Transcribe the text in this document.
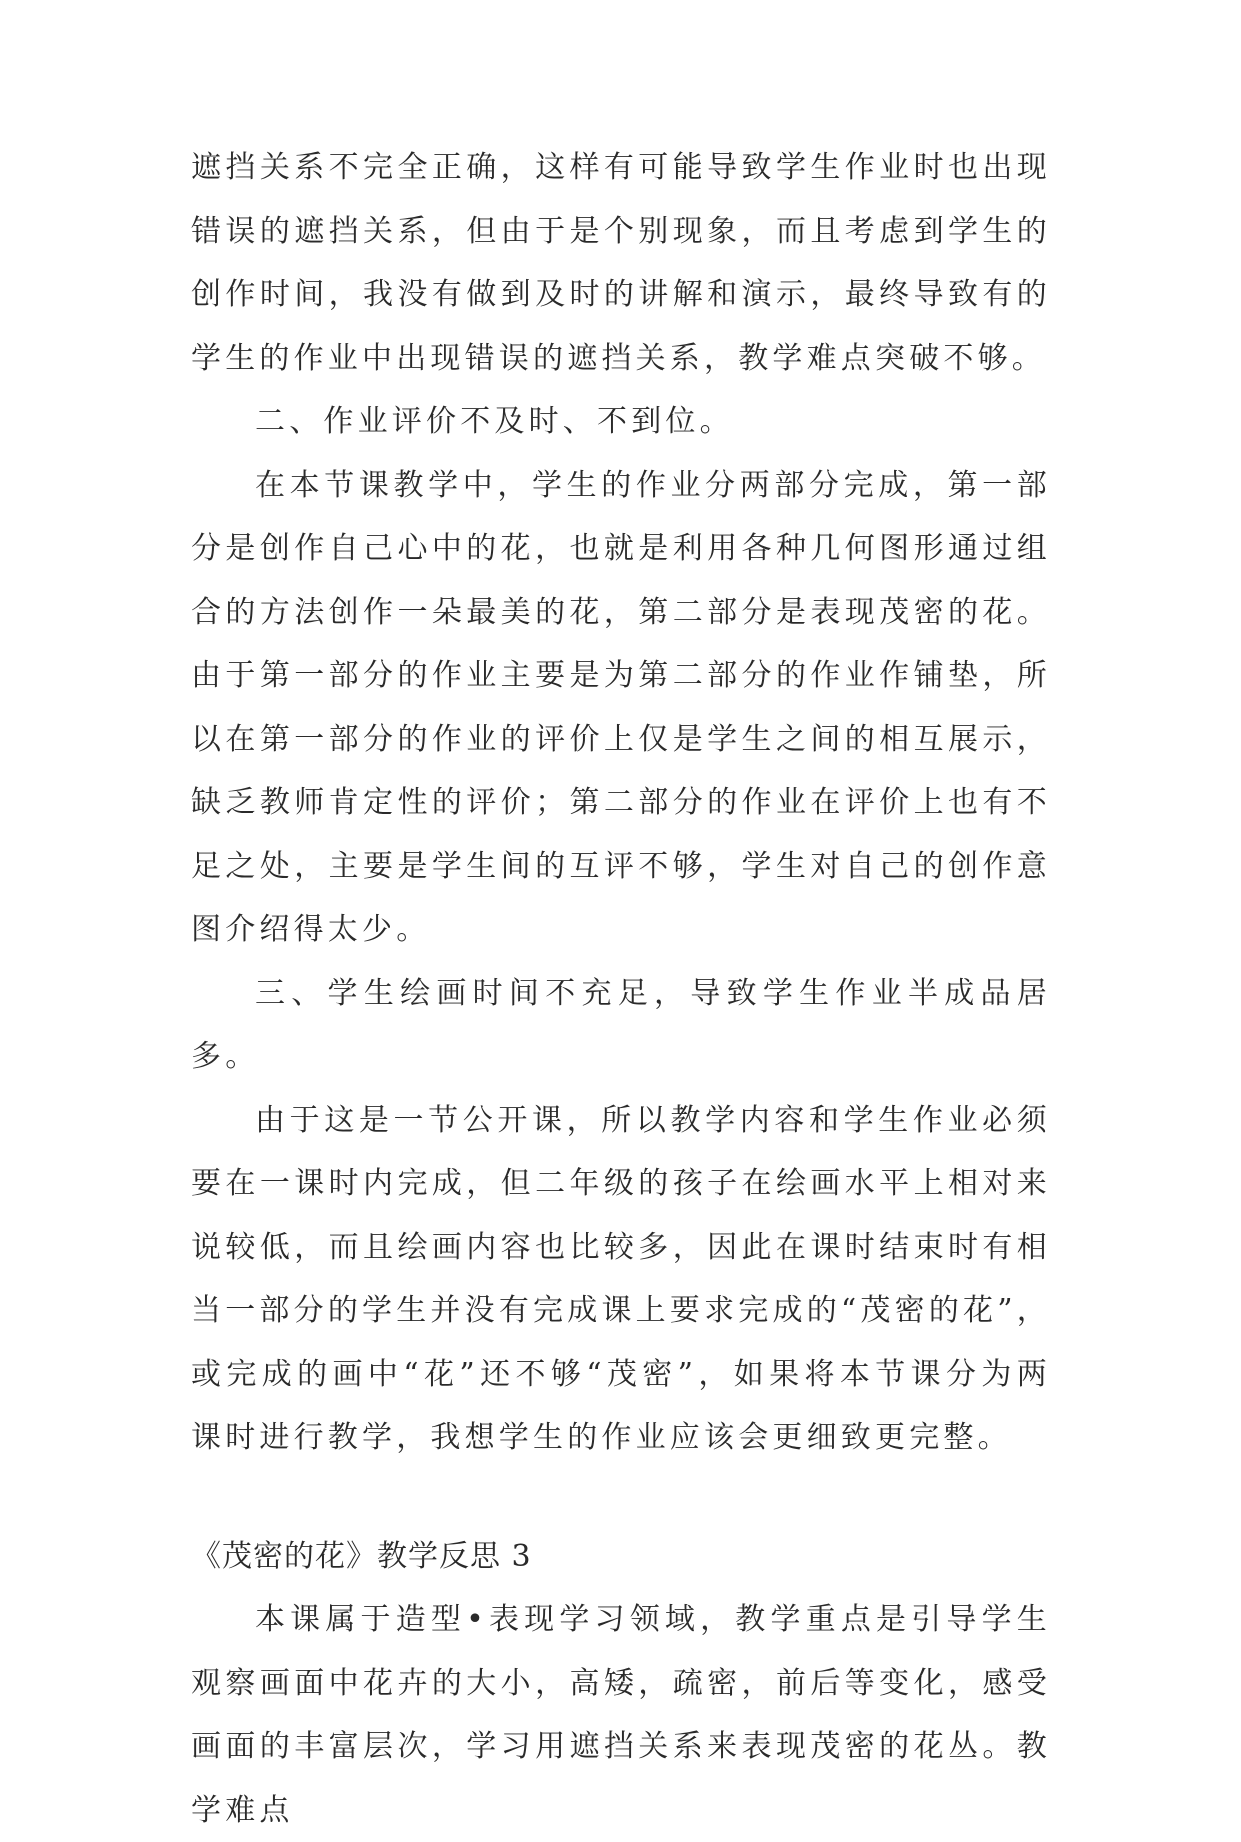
遮挡关系不完全正确，这样有可能导致学生作业时也出现错误的遮挡关系，但由于是个别现象，而且考虑到学生的创作时间，我没有做到及时的讲解和演示，最终导致有的学生的作业中出现错误的遮挡关系，教学难点突破不够。

二、作业评价不及时、不到位。

在本节课教学中，学生的作业分两部分完成，第一部分是创作自己心中的花，也就是利用各种几何图形通过组合的方法创作一朵最美的花，第二部分是表现茂密的花。由于第一部分的作业主要是为第二部分的作业作铺垫，所以在第一部分的作业的评价上仅是学生之间的相互展示，缺乏教师肯定性的评价；第二部分的作业在评价上也有不足之处，主要是学生间的互评不够，学生对自己的创作意图介绍得太少。

三、学生绘画时间不充足，导致学生作业半成品居多。

由于这是一节公开课，所以教学内容和学生作业必须要在一课时内完成，但二年级的孩子在绘画水平上相对来说较低，而且绘画内容也比较多，因此在课时结束时有相当一部分的学生并没有完成课上要求完成的“茂密的花”，或完成的画中“花”还不够“茂密”，如果将本节课分为两课时进行教学，我想学生的作业应该会更细致更完整。

《茂密的花》教学反思 3

本课属于造型•表现学习领域，教学重点是引导学生观察画面中花卉的大小，高矮，疏密，前后等变化，感受画面的丰富层次，学习用遮挡关系来表现茂密的花丛。教学难点
